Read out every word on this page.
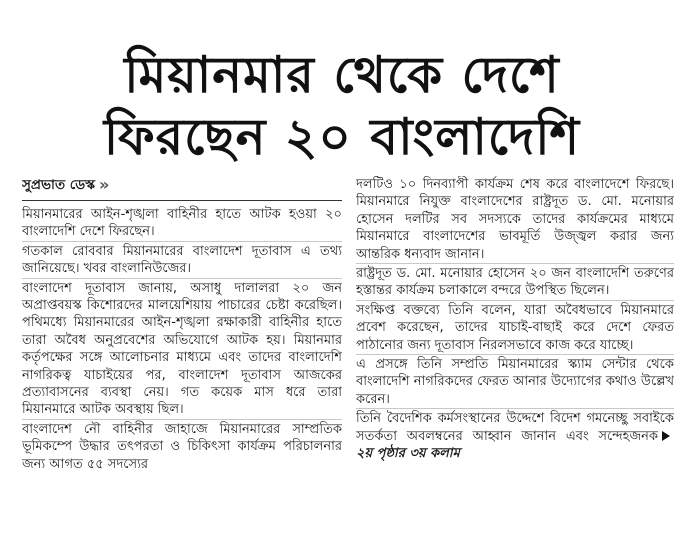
মিয়ানমার থেকে দেশে
ফিরছেন ২০ বাংলাদেশি
সুপ্রভাত ডেস্ক »

মিয়ানমারের আইন-শৃঙ্খলা বাহিনীর হাতে আটক হওয়া ২০ বাংলাদেশি দেশে ফিরছেন।

গতকাল রোববার মিয়ানমারের বাংলাদেশ দূতাবাস এ তথ্য জানিয়েছে। খবর বাংলানিউজের।

বাংলাদেশ দূতাবাস জানায়, অসাধু দালালরা ২০ জন অপ্রাপ্তবয়স্ক কিশোরদের মালয়েশিয়ায় পাচারের চেষ্টা করেছিল। পথিমধ্যে মিয়ানমারের আইন-শৃঙ্খলা রক্ষাকারী বাহিনীর হাতে তারা অবৈধ অনুপ্রবেশের অভিযোগে আটক হয়। মিয়ানমার কর্তৃপক্ষের সঙ্গে আলোচনার মাধ্যমে এবং তাদের বাংলাদেশি নাগরিকত্ব যাচাইয়ের পর, বাংলাদেশ দূতাবাস আজকের প্রত্যাবাসনের ব্যবস্থা নেয়। গত কয়েক মাস ধরে তারা মিয়ানমারে আটক অবস্থায় ছিল।

বাংলাদেশ নৌ বাহিনীর জাহাজে মিয়ানমারের সাম্প্রতিক ভূমিকম্পে উদ্ধার তৎপরতা ও চিকিৎসা কার্যক্রম পরিচালনার জন্য আগত ৫৫ সদস্যের

দলটিও ১০ দিনব্যাপী কার্যক্রম শেষ করে বাংলাদেশে ফিরছে। মিয়ানমারে নিযুক্ত বাংলাদেশের রাষ্ট্রদূত ড. মো. মনোয়ার হোসেন দলটির সব সদস্যকে তাদের কার্যক্রমের মাধ্যমে মিয়ানমারে বাংলাদেশের ভাবমূর্তি উজ্জ্বল করার জন্য আন্তরিক ধন্যবাদ জানান।

রাষ্ট্রদূত ড. মো. মনোয়ার হোসেন ২০ জন বাংলাদেশি তরুণের হস্তান্তর কার্যক্রম চলাকালে বন্দরে উপস্থিত ছিলেন।

সংক্ষিপ্ত বক্তব্যে তিনি বলেন, যারা অবৈধভাবে মিয়ানমারে প্রবেশ করেছেন, তাদের যাচাই-বাছাই করে দেশে ফেরত পাঠানোর জন্য দূতাবাস নিরলসভাবে কাজ করে যাচ্ছে।

এ প্রসঙ্গে তিনি সম্প্রতি মিয়ানমারের স্ক্যাম সেন্টার থেকে বাংলাদেশি নাগরিকদের ফেরত আনার উদ্যোগের কথাও উল্লেখ করেন।

তিনি বৈদেশিক কর্মসংস্থানের উদ্দেশে বিদেশ গমনেচ্ছু সবাইকে সতর্কতা অবলম্বনের আহ্বান জানান এবং সন্দেহজনক২য় পৃষ্ঠার ৩য় কলাম
